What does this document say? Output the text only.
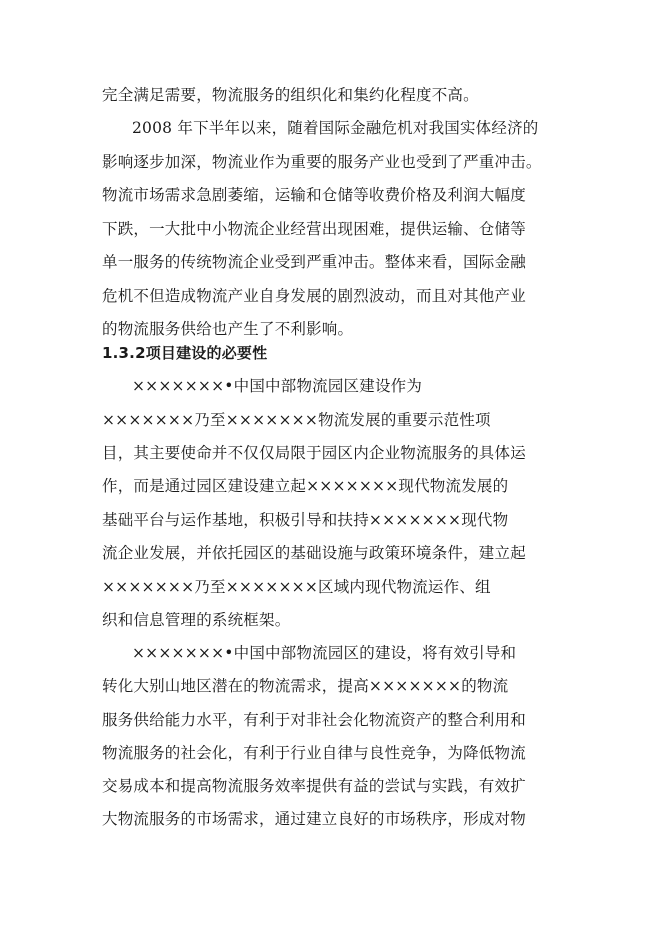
完全满足需要，物流服务的组织化和集约化程度不高。
2008 年下半年以来，随着国际金融危机对我国实体经济的
影响逐步加深，物流业作为重要的服务产业也受到了严重冲击。
物流市场需求急剧萎缩，运输和仓储等收费价格及利润大幅度
下跌，一大批中小物流企业经营出现困难，提供运输、仓储等
单一服务的传统物流企业受到严重冲击。整体来看，国际金融
危机不但造成物流产业自身发展的剧烈波动，而且对其他产业
的物流服务供给也产生了不利影响。
1.3.2项目建设的必要性
×××××××•中国中部物流园区建设作为
×××××××乃至×××××××物流发展的重要示范性项
目，其主要使命并不仅仅局限于园区内企业物流服务的具体运
作，而是通过园区建设建立起×××××××现代物流发展的
基础平台与运作基地，积极引导和扶持×××××××现代物
流企业发展，并依托园区的基础设施与政策环境条件，建立起
×××××××乃至×××××××区域内现代物流运作、组
织和信息管理的系统框架。
×××××××•中国中部物流园区的建设，将有效引导和
转化大别山地区潜在的物流需求，提高×××××××的物流
服务供给能力水平，有利于对非社会化物流资产的整合利用和
物流服务的社会化，有利于行业自律与良性竞争，为降低物流
交易成本和提高物流服务效率提供有益的尝试与实践，有效扩
大物流服务的市场需求，通过建立良好的市场秩序，形成对物
